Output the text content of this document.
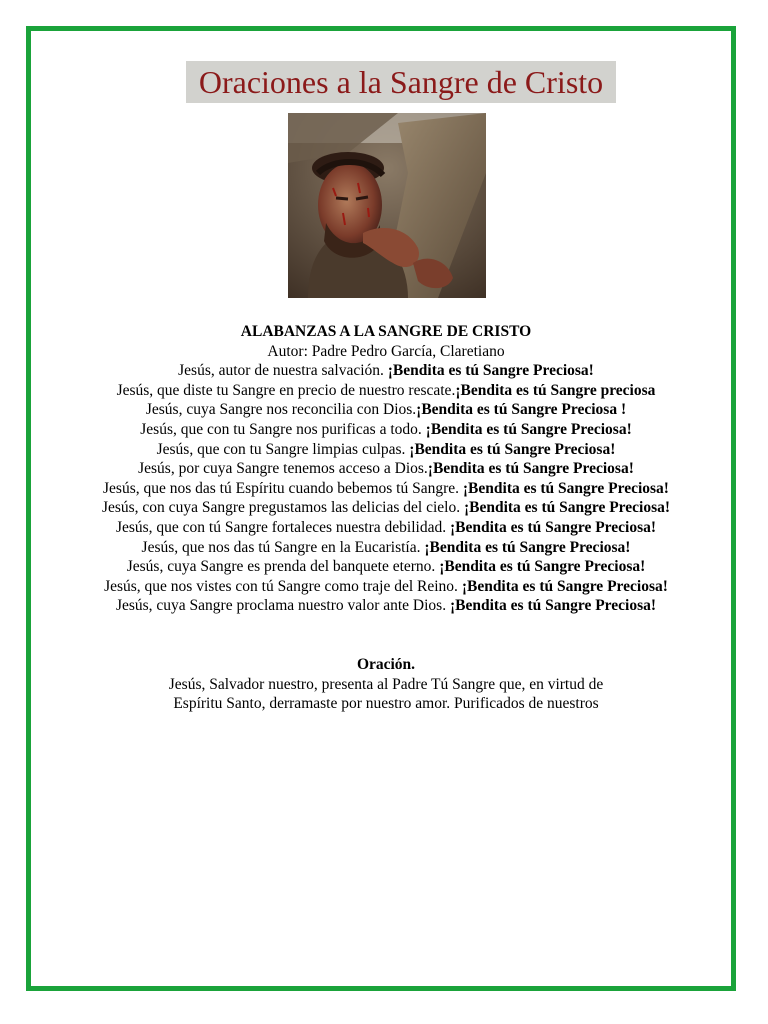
Oraciones a la Sangre de Cristo

ALABANZAS A LA SANGRE DE CRISTO

Autor: Padre Pedro García, Claretiano

Jesús, autor de nuestra salvación. ¡Bendita es tú Sangre Preciosa!

Jesús, que diste tu Sangre en precio de nuestro rescate.¡Bendita es tú Sangre preciosa

Jesús, cuya Sangre nos reconcilia con Dios.¡Bendita es tú Sangre Preciosa !

Jesús, que con tu Sangre nos purificas a todo. ¡Bendita es tú Sangre Preciosa!

Jesús, que con tu Sangre limpias culpas. ¡Bendita es tú Sangre Preciosa!

Jesús, por cuya Sangre tenemos acceso a Dios.¡Bendita es tú Sangre Preciosa!

Jesús, que nos das tú Espíritu cuando bebemos tú Sangre. ¡Bendita es tú Sangre Preciosa!

Jesús, con cuya Sangre pregustamos las delicias del cielo. ¡Bendita es tú Sangre Preciosa!

Jesús, que con tú Sangre fortaleces nuestra debilidad. ¡Bendita es tú Sangre Preciosa!

Jesús, que nos das tú Sangre en la Eucaristía. ¡Bendita es tú Sangre Preciosa!

Jesús, cuya Sangre es prenda del banquete eterno. ¡Bendita es tú Sangre Preciosa!

Jesús, que nos vistes con tú Sangre como traje del Reino. ¡Bendita es tú Sangre Preciosa!

Jesús, cuya Sangre proclama nuestro valor ante Dios. ¡Bendita es tú Sangre Preciosa!

Oración.

Jesús, Salvador nuestro, presenta al Padre Tú Sangre que, en virtud de

Espíritu Santo, derramaste por nuestro amor. Purificados de nuestros
